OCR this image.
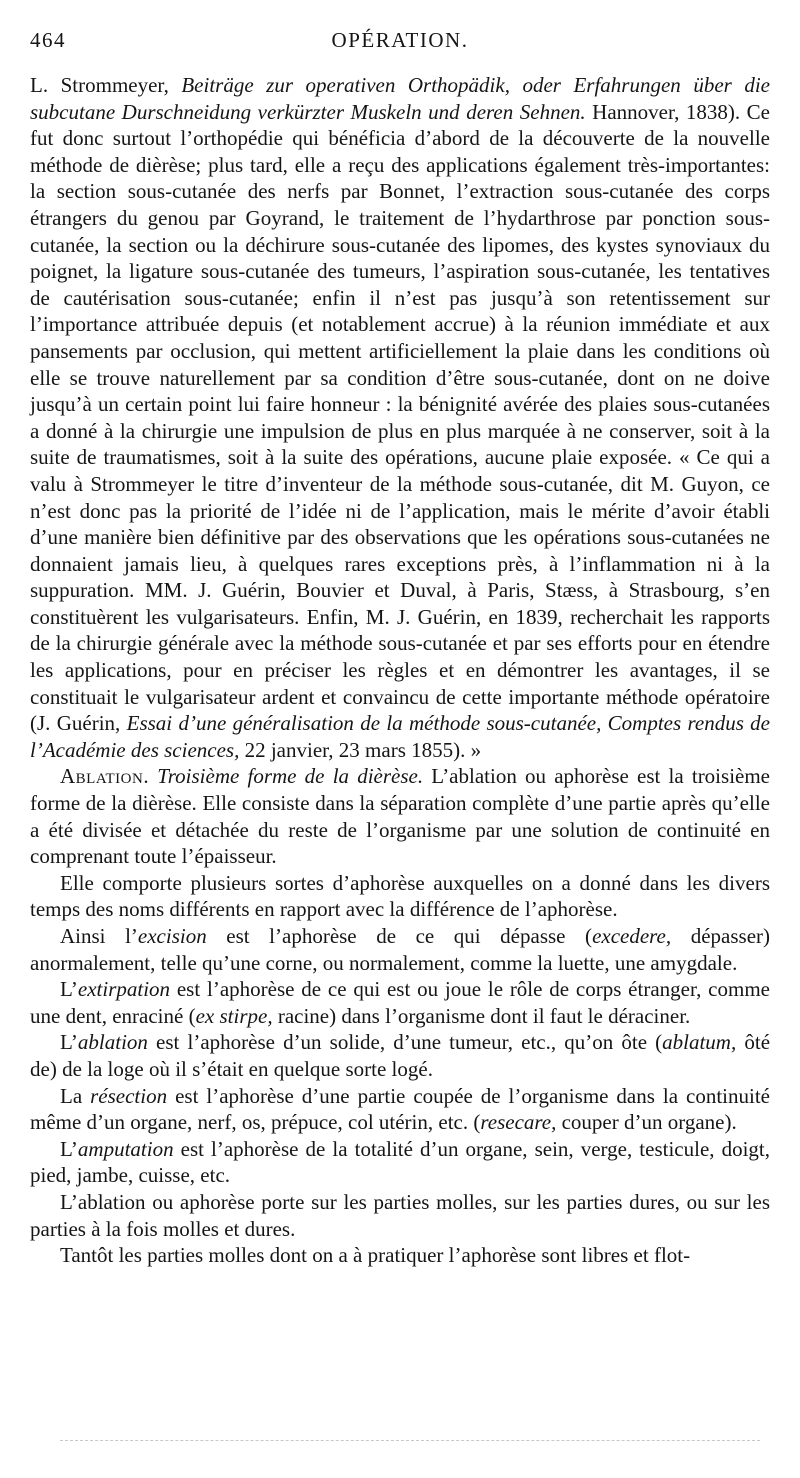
464	OPÉRATION.

L. Strommeyer, Beiträge zur operativen Orthopädik, oder Erfahrungen über die subcutane Durschneidung verkürzter Muskeln und deren Sehnen. Hannover, 1838). Ce fut donc surtout l’orthopédie qui bénéficia d’abord de la découverte de la nouvelle méthode de dièrèse; plus tard, elle a reçu des applications également très-importantes: la section sous-cutanée des nerfs par Bonnet, l’extraction sous-cutanée des corps étrangers du genou par Goyrand, le traitement de l’hydarthrose par ponction sous-cutanée, la section ou la déchirure sous-cutanée des lipomes, des kystes synoviaux du poignet, la ligature sous-cutanée des tumeurs, l’aspiration sous-cutanée, les tentatives de cautérisation sous-cutanée; enfin il n’est pas jusqu’à son retentissement sur l’importance attribuée depuis (et notablement accrue) à la réunion immédiate et aux pansements par occlusion, qui mettent artificiellement la plaie dans les conditions où elle se trouve naturellement par sa condition d’être sous-cutanée, dont on ne doive jusqu’à un certain point lui faire honneur : la bénignité avérée des plaies sous-cutanées a donné à la chirurgie une impulsion de plus en plus marquée à ne conserver, soit à la suite de traumatismes, soit à la suite des opérations, aucune plaie exposée. « Ce qui a valu à Strommeyer le titre d’inventeur de la méthode sous-cutanée, dit M. Guyon, ce n’est donc pas la priorité de l’idée ni de l’application, mais le mérite d’avoir établi d’une manière bien définitive par des observations que les opérations sous-cutanées ne donnaient jamais lieu, à quelques rares exceptions près, à l’inflammation ni à la suppuration. MM. J. Guérin, Bouvier et Duval, à Paris, Stæss, à Strasbourg, s’en constituèrent les vulgarisateurs. Enfin, M. J. Guérin, en 1839, recherchait les rapports de la chirurgie générale avec la méthode sous-cutanée et par ses efforts pour en étendre les applications, pour en préciser les règles et en démontrer les avantages, il se constituait le vulgarisateur ardent et convaincu de cette importante méthode opératoire (J. Guérin, Essai d’une généralisation de la méthode sous-cutanée, Comptes rendus de l’Académie des sciences, 22 janvier, 23 mars 1855). »

Ablation. Troisième forme de la dièrèse. L’ablation ou aphorèse est la troisième forme de la dièrèse. Elle consiste dans la séparation complète d’une partie après qu’elle a été divisée et détachée du reste de l’organisme par une solution de continuité en comprenant toute l’épaisseur.

Elle comporte plusieurs sortes d’aphorèse auxquelles on a donné dans les divers temps des noms différents en rapport avec la différence de l’aphorèse.

Ainsi l’excision est l’aphorèse de ce qui dépasse (excedere, dépasser) anormalement, telle qu’une corne, ou normalement, comme la luette, une amygdale.

L’extirpation est l’aphorèse de ce qui est ou joue le rôle de corps étranger, comme une dent, enraciné (ex stirpe, racine) dans l’organisme dont il faut le déraciner.

L’ablation est l’aphorèse d’un solide, d’une tumeur, etc., qu’on ôte (ablatum, ôté de) de la loge où il s’était en quelque sorte logé.

La résection est l’aphorèse d’une partie coupée de l’organisme dans la continuité même d’un organe, nerf, os, prépuce, col utérin, etc. (resecare, couper d’un organe).

L’amputation est l’aphorèse de la totalité d’un organe, sein, verge, testicule, doigt, pied, jambe, cuisse, etc.

L’ablation ou aphorèse porte sur les parties molles, sur les parties dures, ou sur les parties à la fois molles et dures.

Tantôt les parties molles dont on a à pratiquer l’aphorèse sont libres et flot-
